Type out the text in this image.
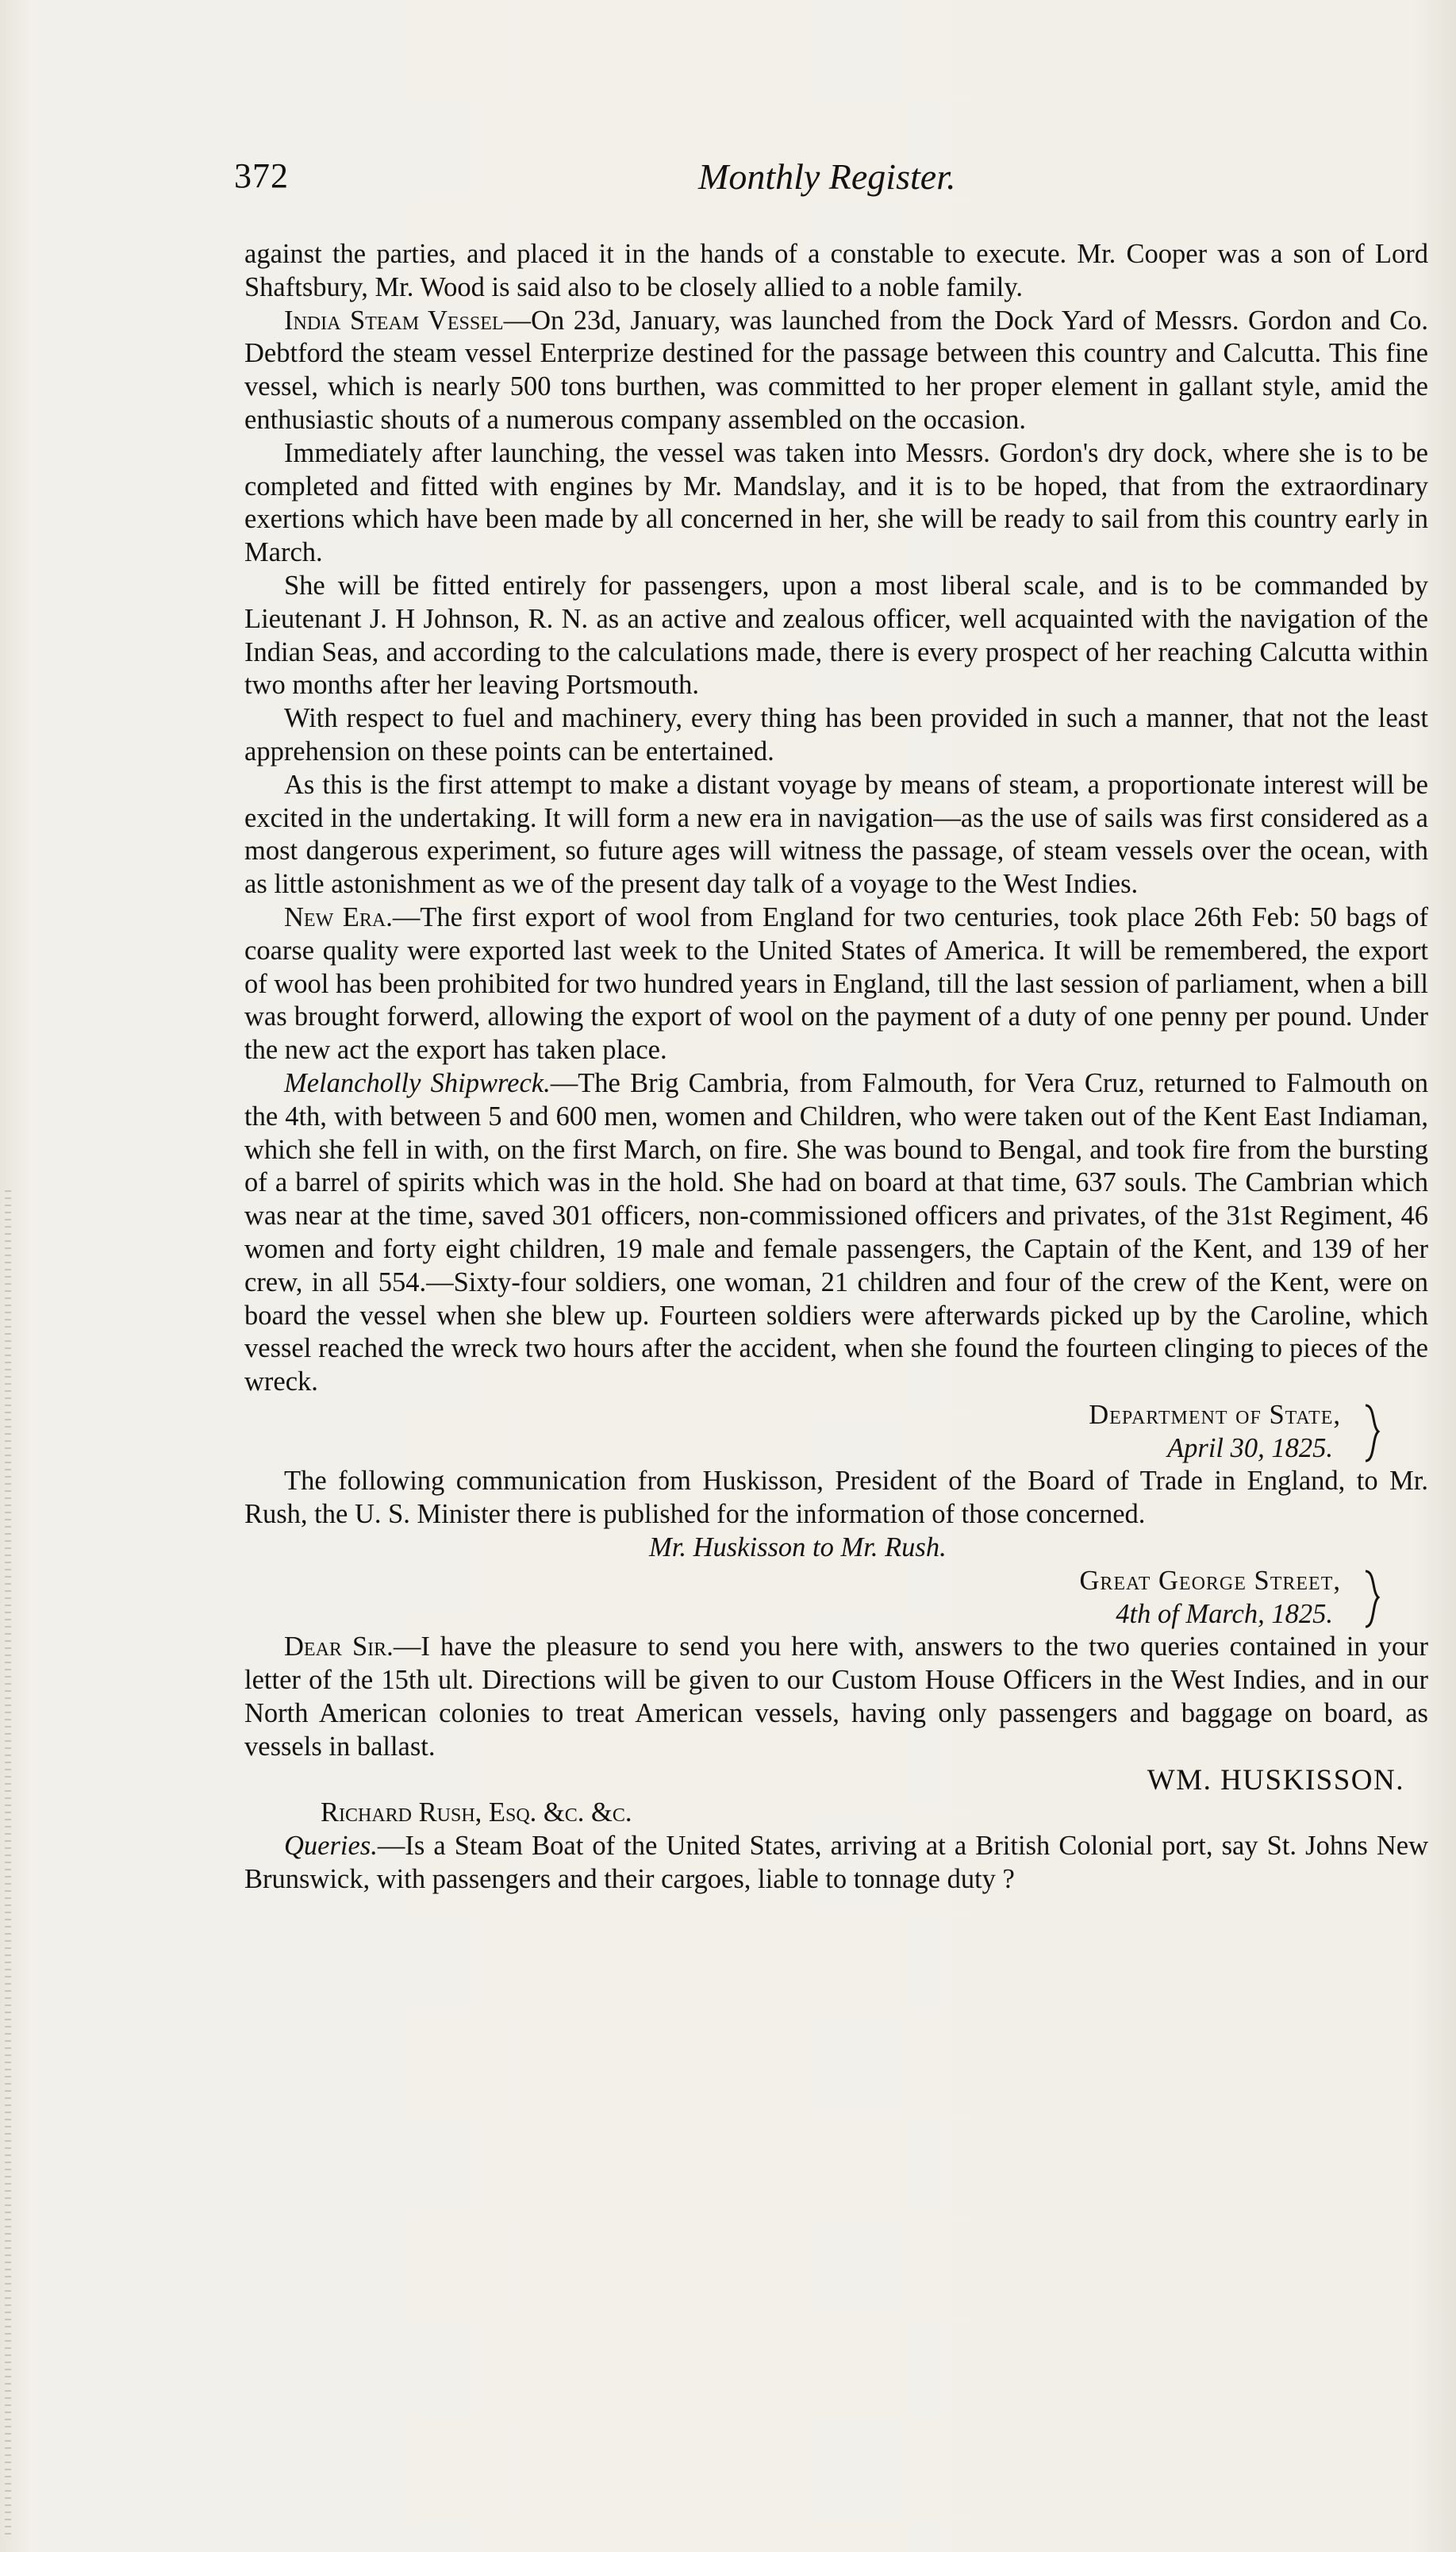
372	Monthly Register.

against the parties, and placed it in the hands of a constable to execute. Mr. Cooper was a son of Lord Shaftsbury, Mr. Wood is said also to be closely allied to a noble family.

India Steam Vessel—On 23d, January, was launched from the Dock Yard of Messrs. Gordon and Co. Debtford the steam vessel Enterprize destined for the passage between this country and Calcutta. This fine vessel, which is nearly 500 tons burthen, was committed to her proper element in gallant style, amid the enthusiastic shouts of a numerous company assembled on the occasion.

Immediately after launching, the vessel was taken into Messrs. Gordon's dry dock, where she is to be completed and fitted with engines by Mr. Mandslay, and it is to be hoped, that from the extraordinary exertions which have been made by all concerned in her, she will be ready to sail from this country early in March.

She will be fitted entirely for passengers, upon a most liberal scale, and is to be commanded by Lieutenant J. H Johnson, R. N. as an active and zealous officer, well acquainted with the navigation of the Indian Seas, and according to the calculations made, there is every prospect of her reaching Calcutta within two months after her leaving Portsmouth.

With respect to fuel and machinery, every thing has been provided in such a manner, that not the least apprehension on these points can be entertained.

As this is the first attempt to make a distant voyage by means of steam, a proportionate interest will be excited in the undertaking. It will form a new era in navigation—as the use of sails was first considered as a most dangerous experiment, so future ages will witness the passage, of steam vessels over the ocean, with as little astonishment as we of the present day talk of a voyage to the West Indies.

New Era.—The first export of wool from England for two centuries, took place 26th Feb: 50 bags of coarse quality were exported last week to the United States of America. It will be remembered, the export of wool has been prohibited for two hundred years in England, till the last session of parliament, when a bill was brought forwerd, allowing the export of wool on the payment of a duty of one penny per pound. Under the new act the export has taken place.

Melancholly Shipwreck.—The Brig Cambria, from Falmouth, for Vera Cruz, returned to Falmouth on the 4th, with between 5 and 600 men, women and Children, who were taken out of the Kent East Indiaman, which she fell in with, on the first March, on fire. She was bound to Bengal, and took fire from the bursting of a barrel of spirits which was in the hold. She had on board at that time, 637 souls. The Cambrian which was near at the time, saved 301 officers, non-commissioned officers and privates, of the 31st Regiment, 46 women and forty eight children, 19 male and female passengers, the Captain of the Kent, and 139 of her crew, in all 554.—Sixty-four soldiers, one woman, 21 children and four of the crew of the Kent, were on board the vessel when she blew up. Fourteen soldiers were afterwards picked up by the Caroline, which vessel reached the wreck two hours after the accident, when she found the fourteen clinging to pieces of the wreck.

Department of State,
April 30, 1825.

The following communication from Huskisson, President of the Board of Trade in England, to Mr. Rush, the U. S. Minister there is published for the information of those concerned.

Mr. Huskisson to Mr. Rush.

Great George Street,
4th of March, 1825.

Dear Sir.—I have the pleasure to send you here with, answers to the two queries contained in your letter of the 15th ult. Directions will be given to our Custom House Officers in the West Indies, and in our North American colonies to treat American vessels, having only passengers and baggage on board, as vessels in ballast.

WM. HUSKISSON.

Richard Rush, Esq. &c. &c.

Queries.—Is a Steam Boat of the United States, arriving at a British Colonial port, say St. Johns New Brunswick, with passengers and their cargoes, liable to tonnage duty ?
